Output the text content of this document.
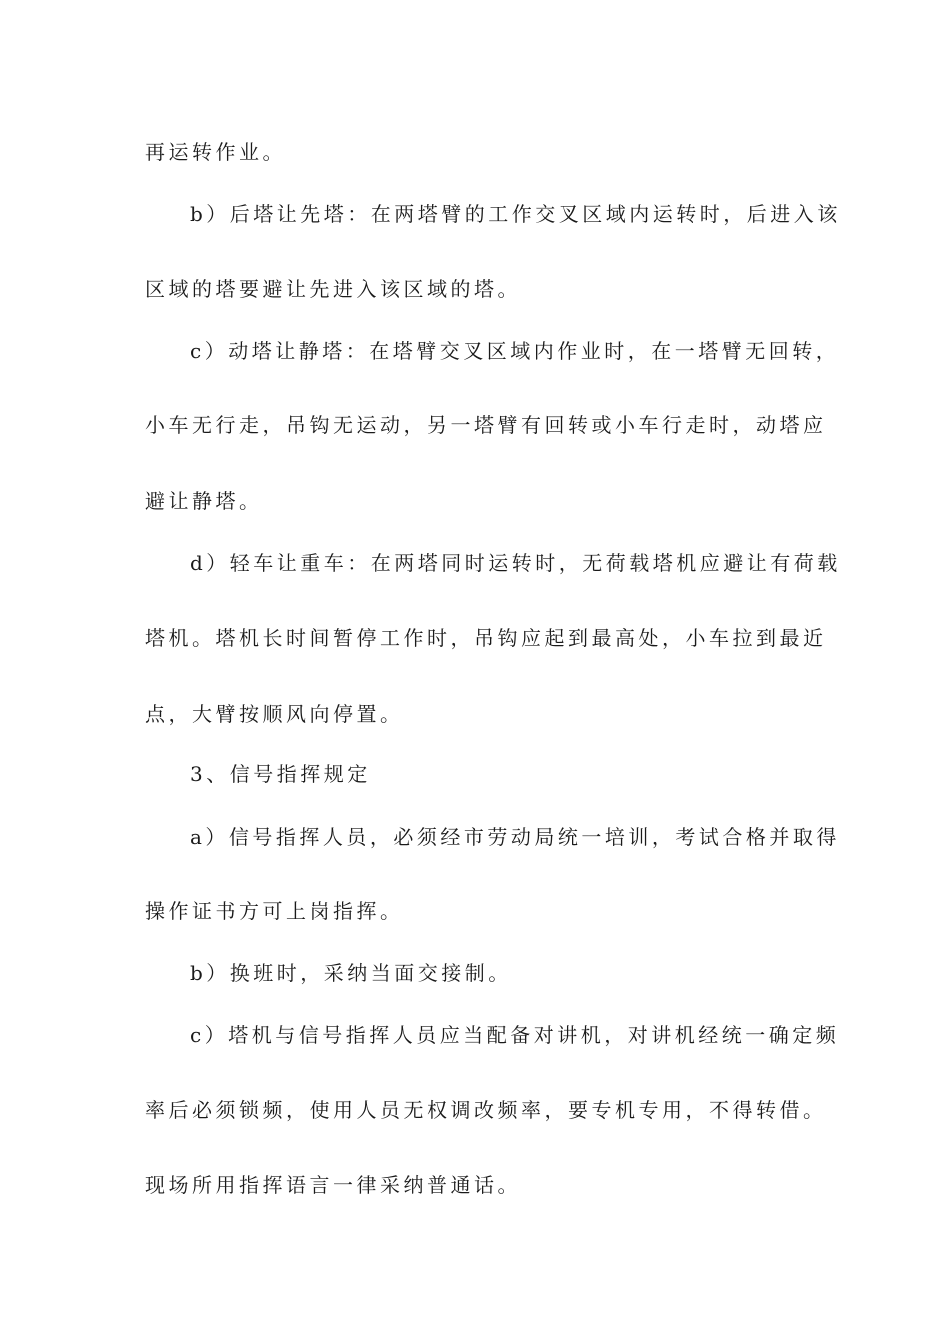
再运转作业。
b）后塔让先塔：在两塔臂的工作交叉区域内运转时，后进入该
区域的塔要避让先进入该区域的塔。
c）动塔让静塔：在塔臂交叉区域内作业时，在一塔臂无回转，
小车无行走，吊钩无运动，另一塔臂有回转或小车行走时，动塔应
避让静塔。
d）轻车让重车：在两塔同时运转时，无荷载塔机应避让有荷载
塔机。塔机长时间暂停工作时，吊钩应起到最高处，小车拉到最近
点，大臂按顺风向停置。
3、信号指挥规定
a）信号指挥人员，必须经市劳动局统一培训，考试合格并取得
操作证书方可上岗指挥。
b）换班时，采纳当面交接制。
c）塔机与信号指挥人员应当配备对讲机，对讲机经统一确定频
率后必须锁频，使用人员无权调改频率，要专机专用，不得转借。
现场所用指挥语言一律采纳普通话。
